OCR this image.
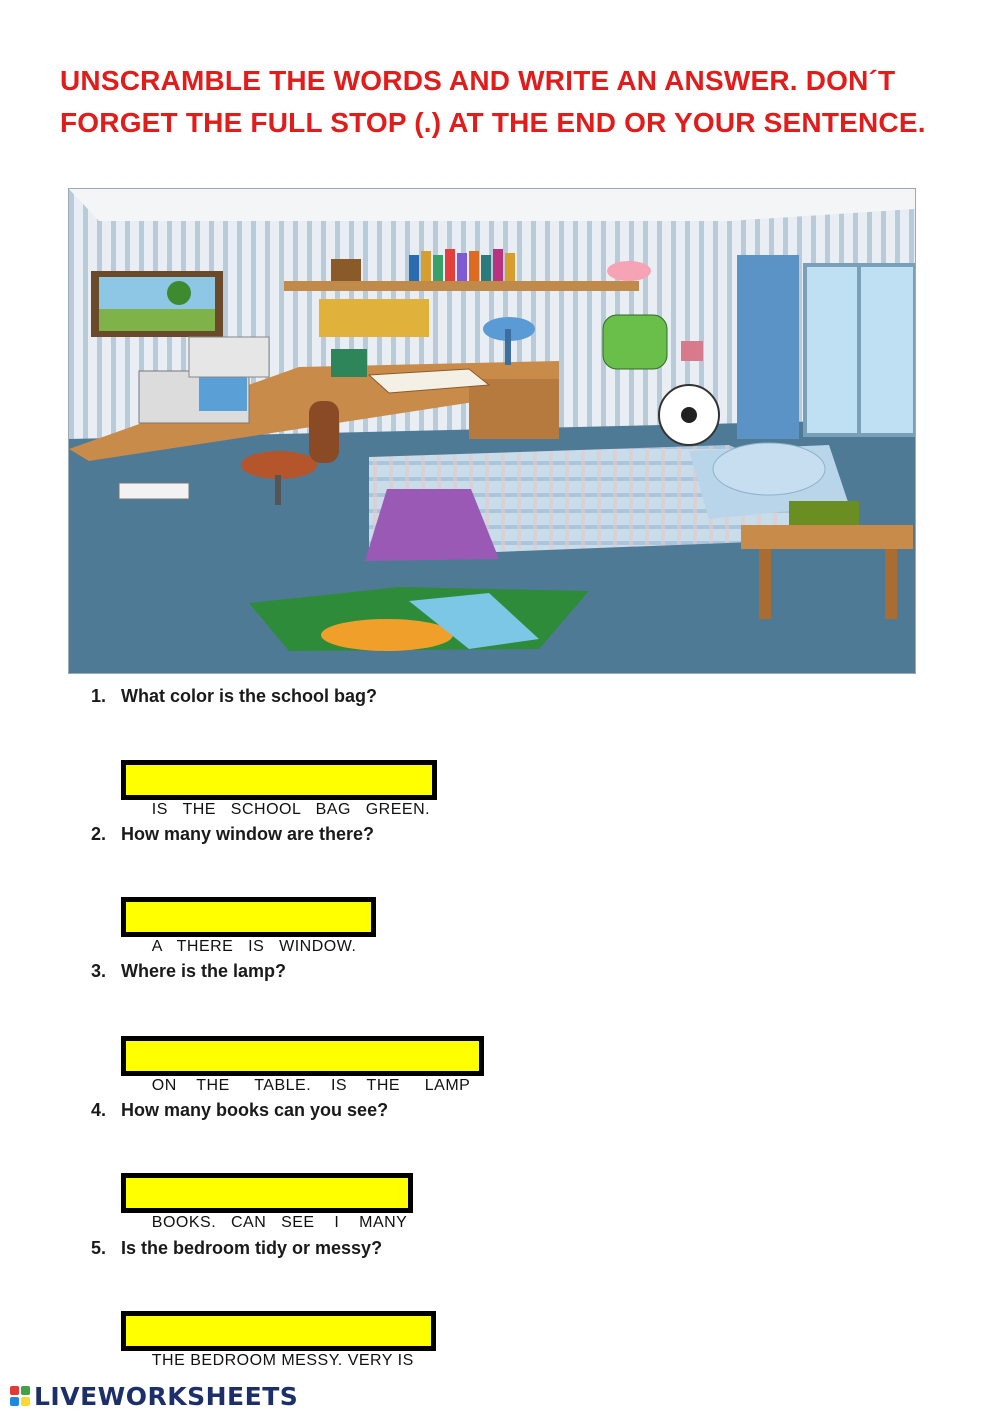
UNSCRAMBLE THE WORDS AND WRITE AN ANSWER. DON´T FORGET THE FULL STOP (.) AT THE END OR YOUR SENTENCE.
1. What color is the school bag?

IS   THE   SCHOOL   BAG   GREEN.

2. How many window are there?

A   THERE   IS   WINDOW.

3. Where is the lamp?

ON    THE     TABLE.    IS    THE     LAMP

4. How many books can you see?

BOOKS.   CAN   SEE    I    MANY

5. Is the bedroom tidy or messy?

THE BEDROOM MESSY. VERY IS

LIVEWORKSHEETS
